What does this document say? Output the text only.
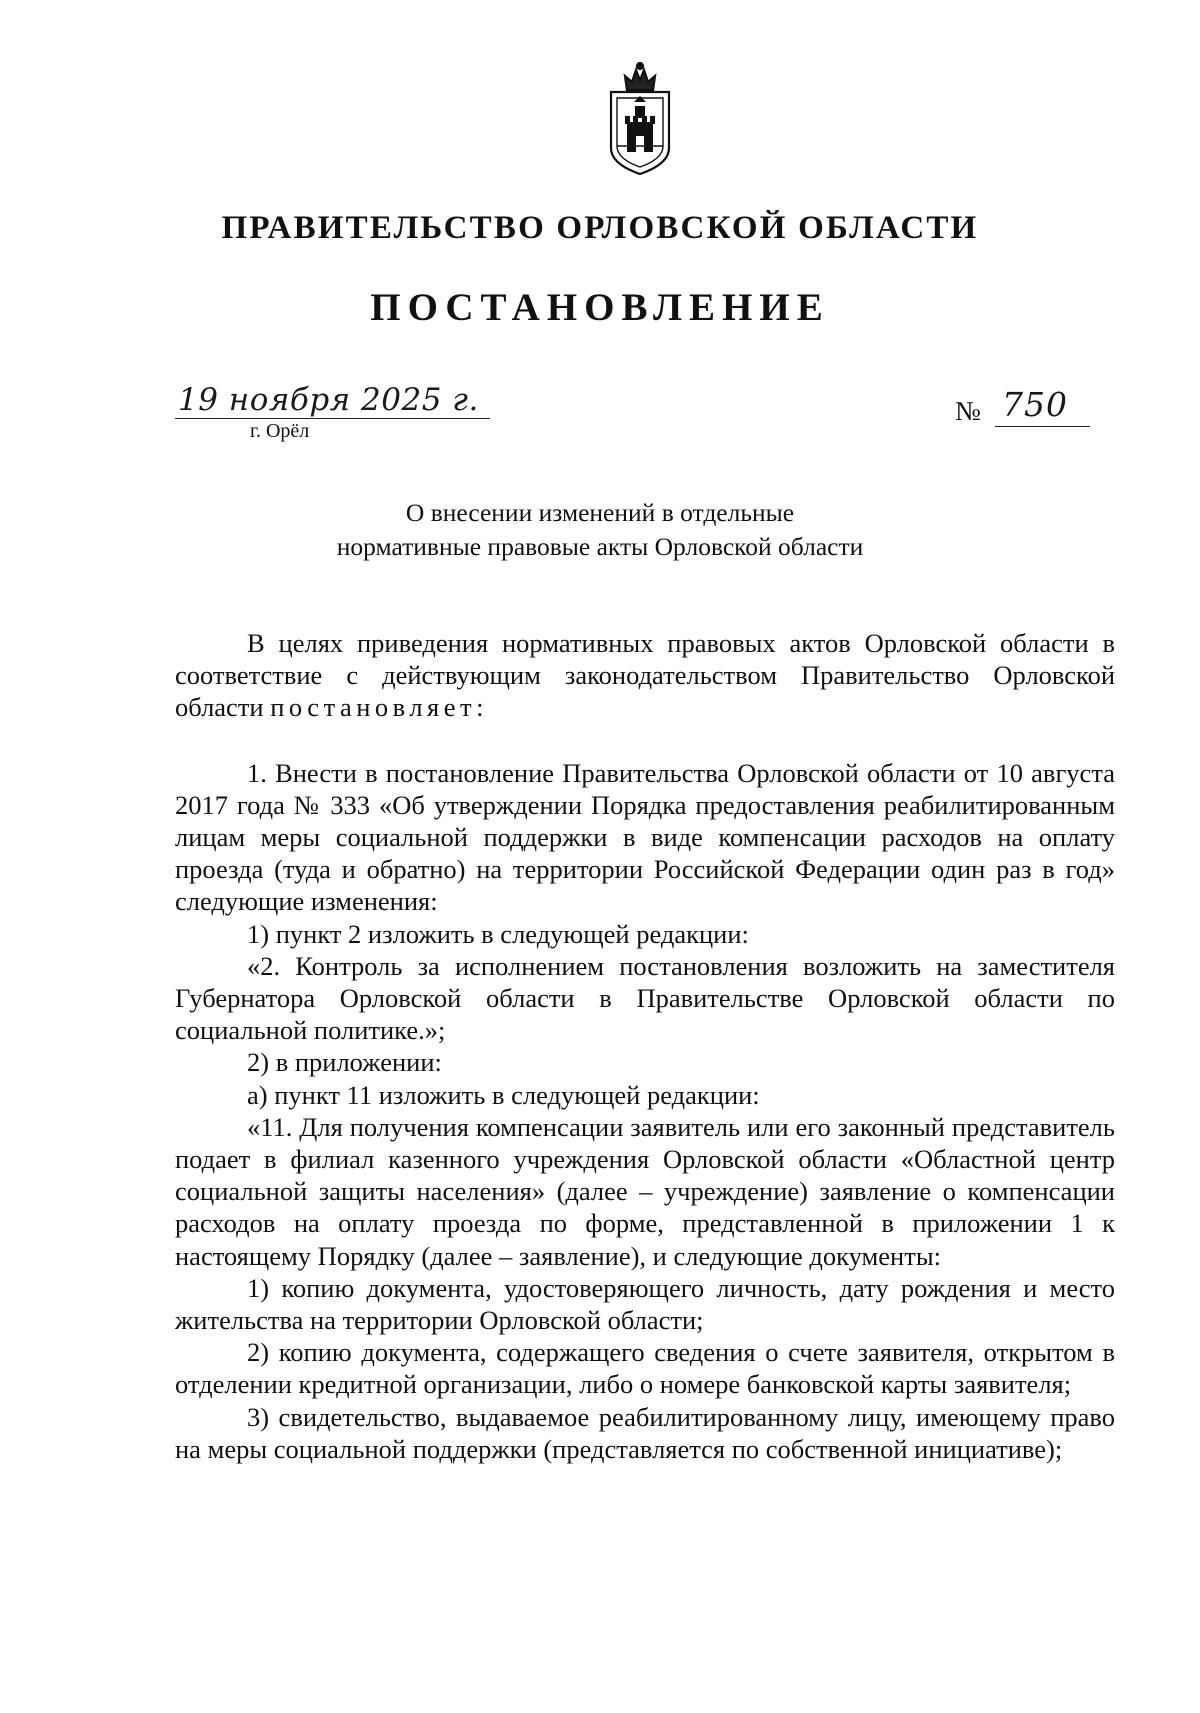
ПРАВИТЕЛЬСТВО ОРЛОВСКОЙ ОБЛАСТИ
ПОСТАНОВЛЕНИЕ
19 ноября 2025 г.
г. Орёл
№ 750
О внесении изменений в отдельные
нормативные правовые акты Орловской области

В целях приведения нормативных правовых актов Орловской области в соответствие с действующим законодательством Правительство Орловской области постановляет:

1. Внести в постановление Правительства Орловской области от 10 августа 2017 года № 333 «Об утверждении Порядка предоставления реабилитированным лицам меры социальной поддержки в виде компенсации расходов на оплату проезда (туда и обратно) на территории Российской Федерации один раз в год» следующие изменения:

1) пункт 2 изложить в следующей редакции:

«2. Контроль за исполнением постановления возложить на заместителя Губернатора Орловской области в Правительстве Орловской области по социальной политике.»;

2) в приложении:

а) пункт 11 изложить в следующей редакции:

«11. Для получения компенсации заявитель или его законный представитель подает в филиал казенного учреждения Орловской области «Областной центр социальной защиты населения» (далее – учреждение) заявление о компенсации расходов на оплату проезда по форме, представленной в приложении 1 к настоящему Порядку (далее – заявление), и следующие документы:

1) копию документа, удостоверяющего личность, дату рождения и место жительства на территории Орловской области;

2) копию документа, содержащего сведения о счете заявителя, открытом в отделении кредитной организации, либо о номере банковской карты заявителя;

3) свидетельство, выдаваемое реабилитированному лицу, имеющему право на меры социальной поддержки (представляется по собственной инициативе);
